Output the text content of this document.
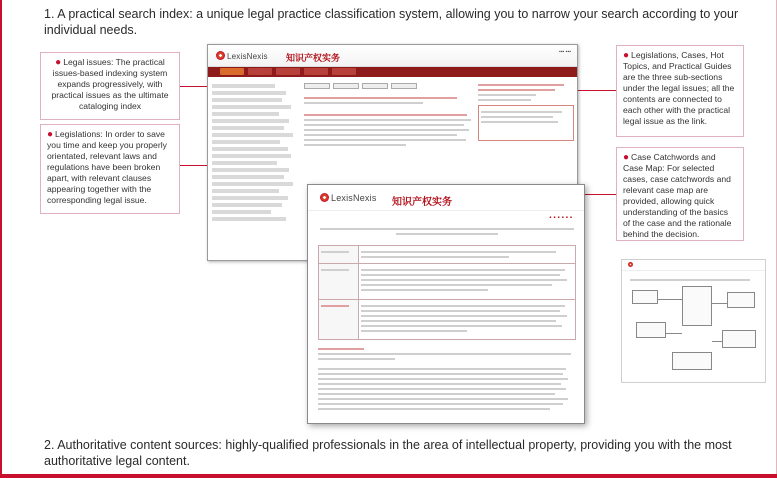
1. A practical search index: a unique legal practice classification system, allowing you to narrow your search according to your individual needs.

● Legal issues: The practical issues-based indexing system expands progressively, with practical issues as the ultimate cataloging index
● Legislations: In order to save you time and keep you properly orientated, relevant laws and regulations have been broken apart, with relevant clauses appearing together with the corresponding legal issue.
● Legislations, Cases, Hot Topics, and Practical Guides are the three sub-sections under the legal issues; all the contents are connected to each other with the practical legal issue as the link.
● Case Catchwords and Case Map: For selected cases, case catchwords and relevant case map are provided, allowing quick understanding of the basics of the case and the rationale behind the decision.
LexisNexis 知识产权实务
▪▪▪ ▪▪▪
LexisNexis 知识产权实务
▪▪▪▪▪▪

2. Authoritative content sources: highly-qualified professionals in the area of intellectual property, providing you with the most authoritative legal content.
